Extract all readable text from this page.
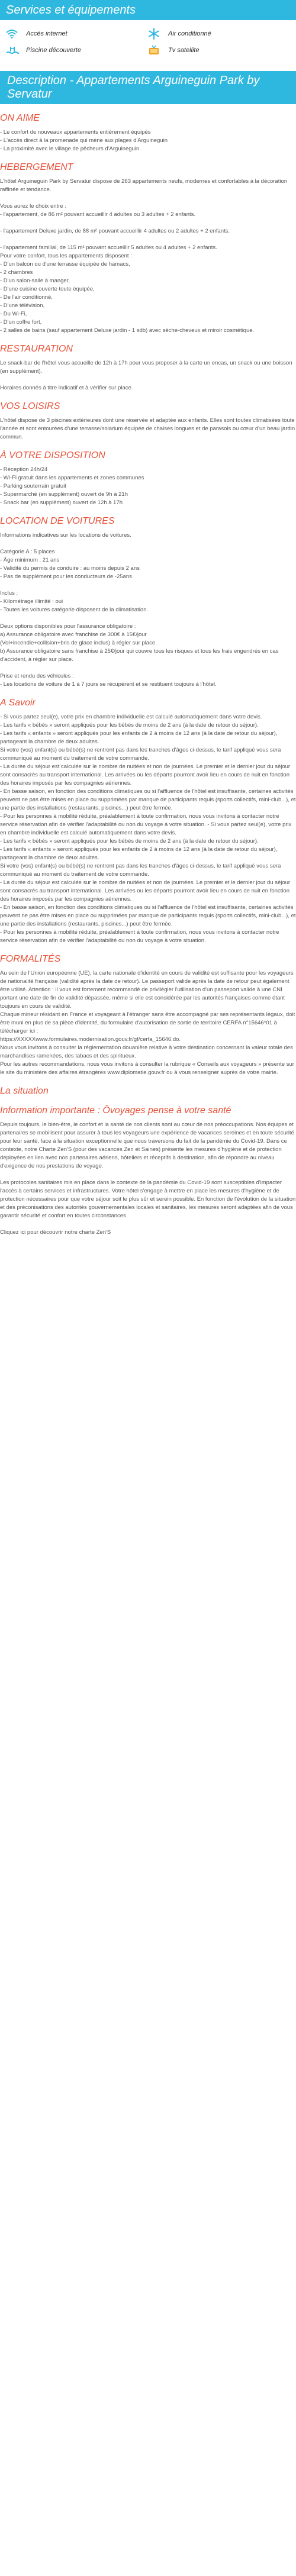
Services et équipements
Accès internet	Air conditionné
Piscine découverte	Tv satellite
Description - Appartements Arguineguin Park by Servatur
ON AIME
- Le confort de nouveaux appartements entièrement équipés
- L'accès direct à la promenade qui mène aux plages d'Arguineguin
- La proximité avec le village de pêcheurs d'Arguineguin
HEBERGEMENT

L'hôtel Arguineguin Park by Servatur dispose de 263 appartements neufs, modernes et confortables à la décoration raffinée et tendance.

Vous aurez le choix entre :
- l'appartement, de 86 m² pouvant accueillir 4 adultes ou 3 adultes + 2 enfants.

- l'appartement Deluxe jardin, de 88 m² pouvant accueillir 4 adultes ou 2 adultes + 2 enfants.

- l'appartement familial, de 115 m² pouvant accueillir 5 adultes ou 4 adultes + 2 enfants.
Pour votre confort, tous les appartements disposent :
- D'un balcon ou d'une terrasse équipée de hamacs,
- 2 chambres
- D'un salon-salle à manger,
- D'une cuisine ouverte toute équipée,
- De l'air conditionné,
- D'une télévision,
- Du Wi-Fi,
- D'un coffre fort,
- 2 salles de bains (sauf appartement Deluxe jardin - 1 sdb) avec sèche-cheveux et miroir cosmétique.

RESTAURATION

Le snack-bar de l'hôtel vous accueille de 12h à 17h pour vous proposer à la carte un encas, un snack ou une boisson (en supplément).

Horaires donnés à titre indicatif et à vérifier sur place.

VOS LOISIRS

L'hôtel dispose de 3 piscines extérieures dont une réservée et adaptée aux enfants. Elles sont toutes climatisées toute l'année et sont entourées d'une terrasse/solarium équipée de chaises longues et de parasols ou cœur d'un beau jardin commun.

À VOTRE DISPOSITION

- Réception 24h/24
- Wi-Fi gratuit dans les appartements et zones communes
- Parking souterrain gratuit
- Supermarché (en supplément) ouvert de 9h à 21h
- Snack bar (en supplément) ouvert de 12h à 17h

LOCATION DE VOITURES

Informations indicatives sur les locations de voitures.

Catégorie A : 5 places
- Âge minimum : 21 ans
- Validité du permis de conduire : au moins depuis 2 ans
- Pas de supplément pour les conducteurs de -25ans.

Inclus :
- Kilométrage illimité : oui
- Toutes les voitures catégorie disposent de la climatisation.

Deux options disponibles pour l'assurance obligatoire :
a) Assurance obligatoire avec franchise de 300€ à 15€/jour
(Vol+incendie+collision+bris de glace inclus) à régler sur place.
b) Assurance obligatoire sans franchise à 25€/jour qui couvre tous les risques et tous les frais engendrés en cas d'accident, à régler sur place.

Prise et rendu des véhicules :
- Les locations de voiture de 1 à 7 jours se récupèrent et se restituent toujours à l'hôtel.

A Savoir

- Si vous partez seul(e), votre prix en chambre individuelle est calculé automatiquement dans votre devis.
- Les tarifs « bébés » seront appliqués pour les bébés de moins de 2 ans (à la date de retour du séjour).
- Les tarifs « enfants » seront appliqués pour les enfants de 2 à moins de 12 ans (à la date de retour du séjour), partageant la chambre de deux adultes.
Si votre (vos) enfant(s) ou bébé(s) ne rentrent pas dans les tranches d'âges ci-dessus, le tarif appliqué vous sera communiqué au moment du traitement de votre commande.
- La durée du séjour est calculée sur le nombre de nuitées et non de journées. Le premier et le dernier jour du séjour sont consacrés au transport international. Les arrivées ou les départs pourront avoir lieu en cours de nuit en fonction des horaires imposés par les compagnies aériennes.
- En basse saison, en fonction des conditions climatiques ou si l'affluence de l'hôtel est insuffisante, certaines activités peuvent ne pas être mises en place ou supprimées par manque de participants requis (sports collectifs, mini-club...), et une partie des installations (restaurants, piscines...) peut être fermée.
- Pour les personnes à mobilité réduite, préalablement à toute confirmation, nous vous invitons à contacter notre service réservation afin de vérifier l'adaptabilité ou non du voyage à votre situation. - Si vous partez seul(e), votre prix en chambre individuelle est calculé automatiquement dans votre devis.
- Les tarifs « bébés » seront appliqués pour les bébés de moins de 2 ans (à la date de retour du séjour).
- Les tarifs « enfants » seront appliqués pour les enfants de 2 à moins de 12 ans (à la date de retour du séjour), partageant la chambre de deux adultes.
Si votre (vos) enfant(s) ou bébé(s) ne rentrent pas dans les tranches d'âges ci-dessus, le tarif appliqué vous sera communiqué au moment du traitement de votre commande.
- La durée du séjour est calculée sur le nombre de nuitées et non de journées. Le premier et le dernier jour du séjour sont consacrés au transport international. Les arrivées ou les départs pourront avoir lieu en cours de nuit en fonction des horaires imposés par les compagnies aériennes.
- En basse saison, en fonction des conditions climatiques ou si l'affluence de l'hôtel est insuffisante, certaines activités peuvent ne pas être mises en place ou supprimées par manque de participants requis (sports collectifs, mini-club...), et une partie des installations (restaurants, piscines...) peut être fermée.
- Pour les personnes à mobilité réduite, préalablement à toute confirmation, nous vous invitons à contacter notre service réservation afin de vérifier l'adaptabilité ou non du voyage à votre situation.

FORMALITÉS

Au sein de l'Union européenne (UE), la carte nationale d'identité en cours de validité est suffisante pour les voyageurs de nationalité française (validité après la date de retour). Le passeport valide après la date de retour peut également être utilisé. Attention : il vous est fortement recommandé de privilégier l'utilisation d'un passeport valide à une CNI portant une date de fin de validité dépassée, même si elle est considérée par les autorités françaises comme étant toujours en cours de validité.
Chaque mineur résidant en France et voyageant à l'étranger sans être accompagné par ses représentants légaux, doit être muni en plus de sa pièce d'identité, du formulaire d'autorisation de sortie de territoire CERFA n°15646*01 à télécharger ici :
https://XXXXXwww.formulaires.modernisation.gouv.fr/gf/cerfa_15646.do.
Nous vous invitons à consulter la réglementation douanière relative à votre destination concernant la valeur totale des marchandises ramenées, des tabacs et des spiritueux.
Pour les autres recommandations, nous vous invitons à consulter la rubrique « Conseils aux voyageurs » présente sur le site du ministère des affaires étrangères www.diplomatie.gouv.fr ou à vous renseigner auprès de votre mairie.

La situation
Information importante : Ôvoyages pense à votre santé

Depuis toujours, le bien-être, le confort et la santé de nos clients sont au cœur de nos préoccupations. Nos équipes et partenaires se mobilisent pour assurer à tous les voyageurs une expérience de vacances sereines et en toute sécurité pour leur santé, face à la situation exceptionnelle que nous traversons du fait de la pandémie du Covid-19. Dans ce contexte, notre Charte Zen'S (pour des vacances Zen et Saines) présente les mesures d'hygiène et de protection déployées en lien avec nos partenaires aériens, hôteliers et réceptifs à destination, afin de répondre au niveau d'exigence de nos prestations de voyage.

Les protocoles sanitaires mis en place dans le contexte de la pandémie du Covid-19 sont susceptibles d'impacter l'accès à certains services et infrastructures. Votre hôtel s'engage à mettre en place les mesures d'hygiène et de protection nécessaires pour que votre séjour soit le plus sûr et serein possible. En fonction de l'évolution de la situation et des préconisations des autorités gouvernementales locales et sanitaires, les mesures seront adaptées afin de vous garantir sécurité et confort en toutes circonstances.

Cliquez ici pour découvrir notre charte Zen'S
